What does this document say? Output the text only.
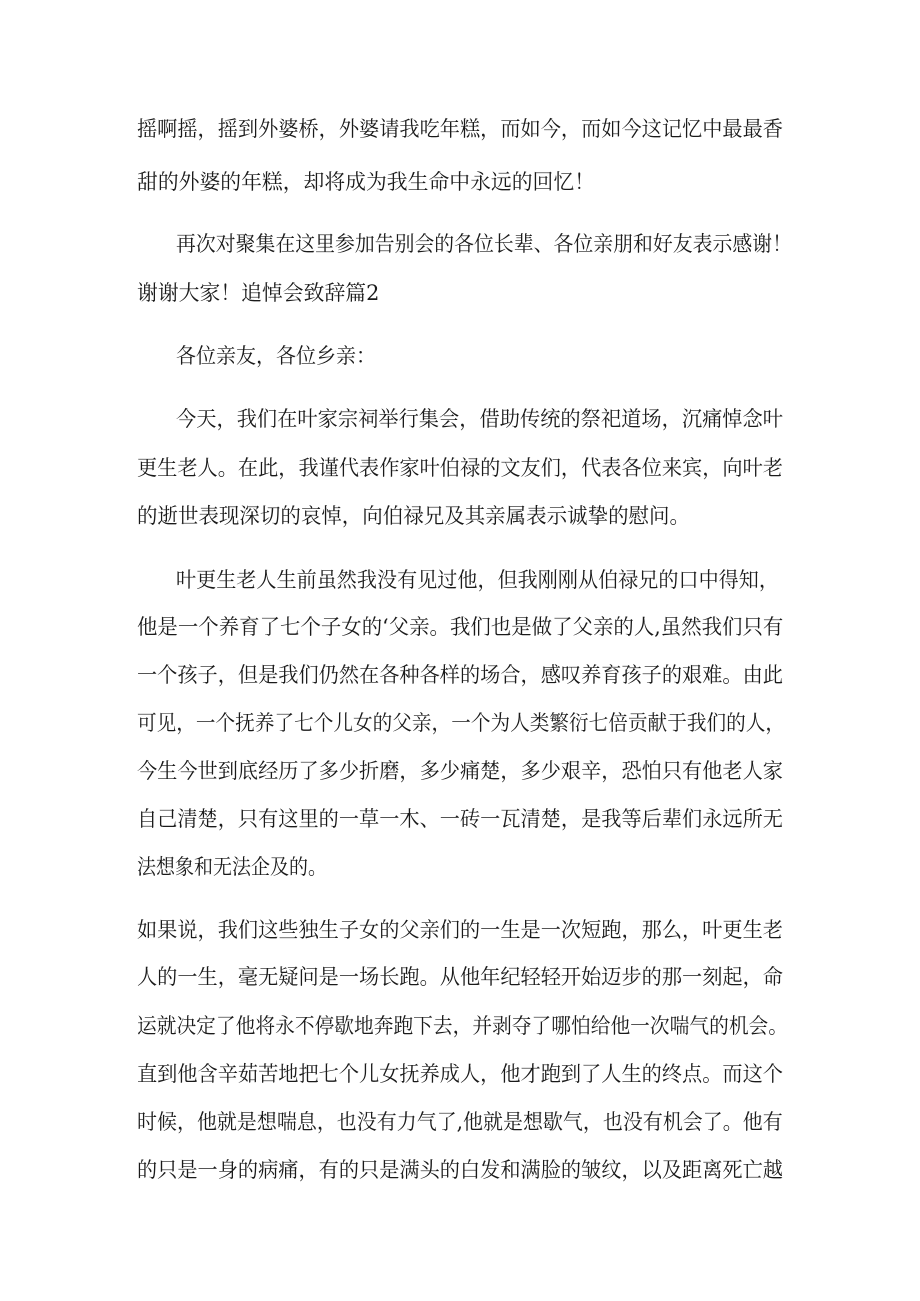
摇啊摇，摇到外婆桥，外婆请我吃年糕，而如今，而如今这记忆中最最香
甜的外婆的年糕，却将成为我生命中永远的回忆！
再次对聚集在这里参加告别会的各位长辈、各位亲朋和好友表示感谢！
谢谢大家！追悼会致辞篇2
各位亲友，各位乡亲：
今天，我们在叶家宗祠举行集会，借助传统的祭祀道场，沉痛悼念叶
更生老人。在此，我谨代表作家叶伯禄的文友们，代表各位来宾，向叶老
的逝世表现深切的哀悼，向伯禄兄及其亲属表示诚挚的慰问。
叶更生老人生前虽然我没有见过他，但我刚刚从伯禄兄的口中得知，
他是一个养育了七个子女的‘父亲。我们也是做了父亲的人,虽然我们只有
一个孩子，但是我们仍然在各种各样的场合，感叹养育孩子的艰难。由此
可见，一个抚养了七个儿女的父亲，一个为人类繁衍七倍贡献于我们的人，
今生今世到底经历了多少折磨，多少痛楚，多少艰辛，恐怕只有他老人家
自己清楚，只有这里的一草一木、一砖一瓦清楚，是我等后辈们永远所无
法想象和无法企及的。
如果说，我们这些独生子女的父亲们的一生是一次短跑，那么，叶更生老
人的一生，毫无疑问是一场长跑。从他年纪轻轻开始迈步的那一刻起，命
运就决定了他将永不停歇地奔跑下去，并剥夺了哪怕给他一次喘气的机会。
直到他含辛茹苦地把七个儿女抚养成人，他才跑到了人生的终点。而这个
时候，他就是想喘息，也没有力气了,他就是想歇气，也没有机会了。他有
的只是一身的病痛，有的只是满头的白发和满脸的皱纹，以及距离死亡越
